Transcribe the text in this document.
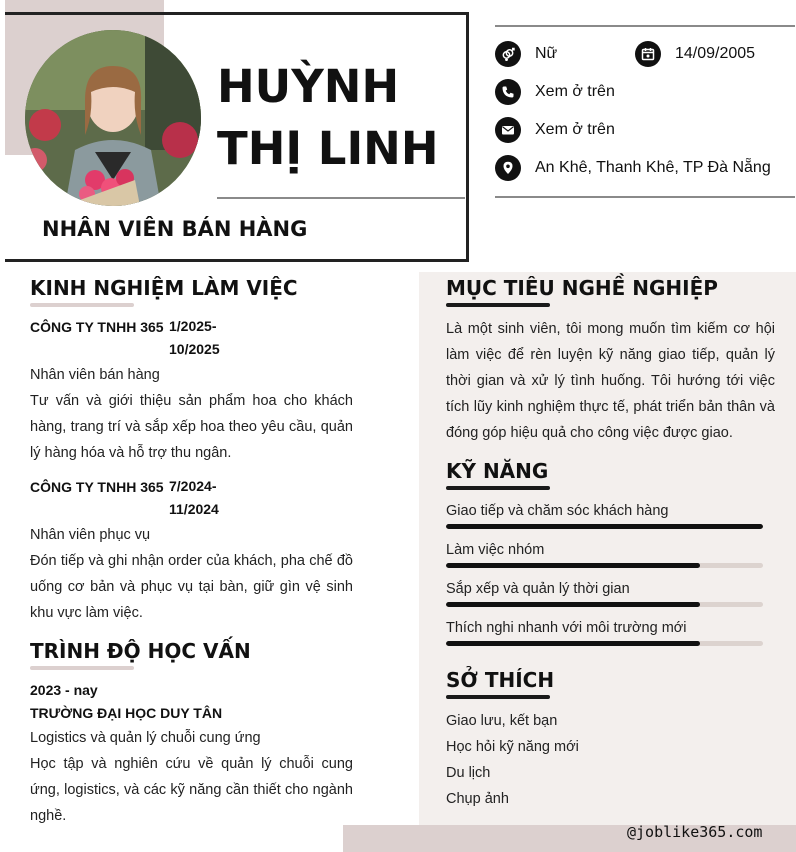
HUỲNH
THỊ LINH
NHÂN VIÊN BÁN HÀNG
Nữ	14/09/2005
Xem ở trên
Xem ở trên
An Khê, Thanh Khê, TP Đà Nẵng
KINH NGHIỆM LÀM VIỆC
CÔNG TY TNHH 365 1/2025-
10/2025
Nhân viên bán hàng
Tư vấn và giới thiệu sản phẩm hoa cho khách hàng, trang trí và sắp xếp hoa theo yêu cầu, quản lý hàng hóa và hỗ trợ thu ngân.
CÔNG TY TNHH 365 7/2024-
11/2024
Nhân viên phục vụ
Đón tiếp và ghi nhận order của khách, pha chế đồ uống cơ bản và phục vụ tại bàn, giữ gìn vệ sinh khu vực làm việc.
TRÌNH ĐỘ HỌC VẤN
2023 - nay
TRƯỜNG ĐẠI HỌC DUY TÂN
Logistics và quản lý chuỗi cung ứng
Học tập và nghiên cứu về quản lý chuỗi cung ứng, logistics, và các kỹ năng cần thiết cho ngành nghề.
MỤC TIÊU NGHỀ NGHIỆP
Là một sinh viên, tôi mong muốn tìm kiếm cơ hội làm việc để rèn luyện kỹ năng giao tiếp, quản lý thời gian và xử lý tình huống. Tôi hướng tới việc tích lũy kinh nghiệm thực tế, phát triển bản thân và đóng góp hiệu quả cho công việc được giao.
KỸ NĂNG
Giao tiếp và chăm sóc khách hàng
Làm việc nhóm
Sắp xếp và quản lý thời gian
Thích nghi nhanh với môi trường mới
SỞ THÍCH
Giao lưu, kết bạn
Học hỏi kỹ năng mới
Du lịch
Chụp ảnh
@joblike365.com
